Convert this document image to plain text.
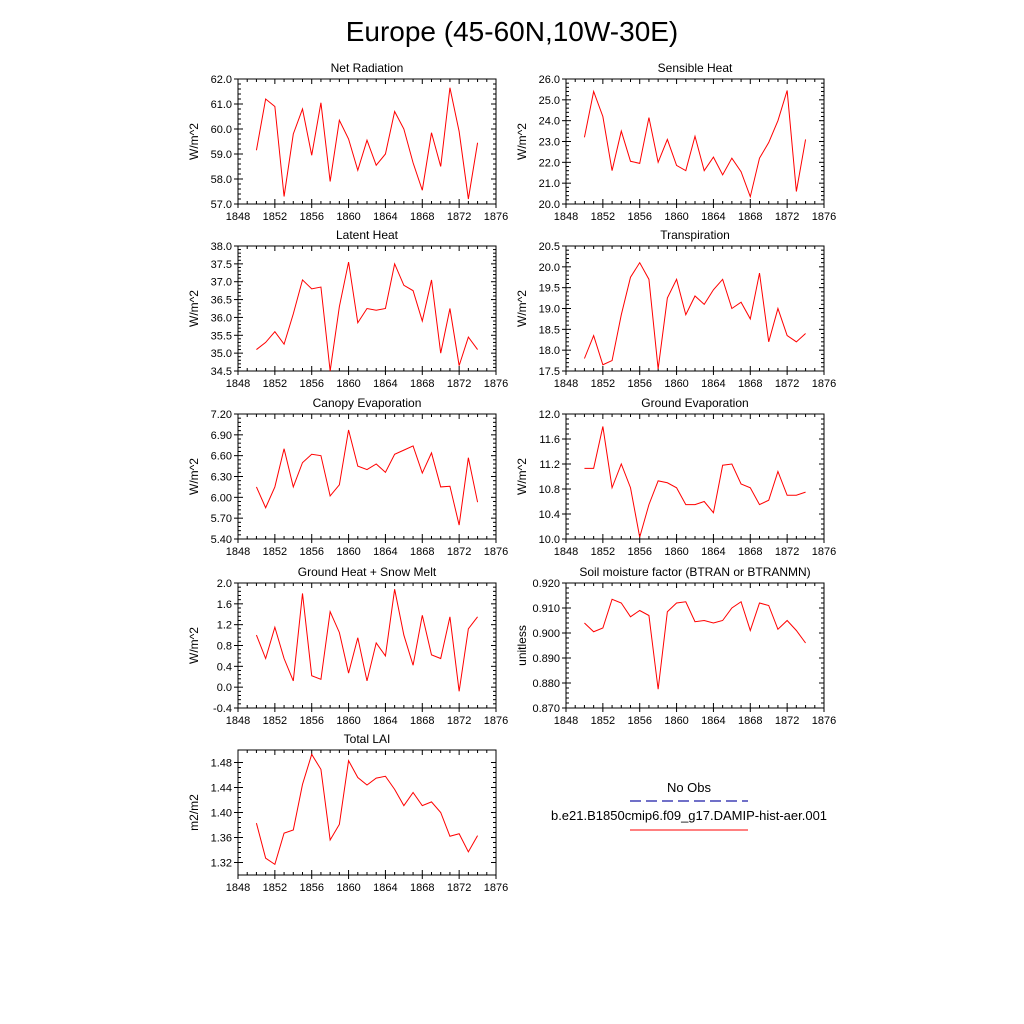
Europe (45-60N,10W-30E)
Net Radiation
W/m^2
1848 1852 1856 1860 1864 1868 1872 1876
57.0
58.0
59.0
60.0
61.0
62.0
Sensible Heat
W/m^2
1848 1852 1856 1860 1864 1868 1872 1876
20.0
21.0
22.0
23.0
24.0
25.0
26.0
Latent Heat
W/m^2
1848 1852 1856 1860 1864 1868 1872 1876
34.5
35.0
35.5
36.0
36.5
37.0
37.5
38.0
Transpiration
W/m^2
1848 1852 1856 1860 1864 1868 1872 1876
17.5
18.0
18.5
19.0
19.5
20.0
20.5
Canopy Evaporation
W/m^2
1848 1852 1856 1860 1864 1868 1872 1876
5.40
5.70
6.00
6.30
6.60
6.90
7.20
Ground Evaporation
W/m^2
1848 1852 1856 1860 1864 1868 1872 1876
10.0
10.4
10.8
11.2
11.6
12.0
Ground Heat + Snow Melt
W/m^2
1848 1852 1856 1860 1864 1868 1872 1876
-0.4
0.0
0.4
0.8
1.2
1.6
2.0
Soil moisture factor (BTRAN or BTRANMN)
unitless
1848 1852 1856 1860 1864 1868 1872 1876
0.870
0.880
0.890
0.900
0.910
0.920
Total LAI
m2/m2
1848 1852 1856 1860 1864 1868 1872 1876
1.32
1.36
1.40
1.44
1.48
No Obs
b.e21.B1850cmip6.f09_g17.DAMIP-hist-aer.001
